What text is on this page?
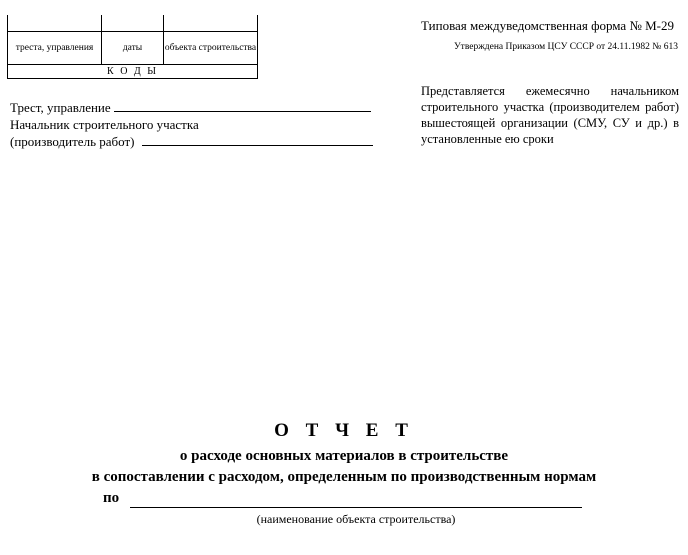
треста, управления	даты	объекта строительства
К О Д Ы		
Типовая междуведомственная форма № М-29
Утверждена Приказом ЦСУ СССР от 24.11.1982 № 613
Представляется ежемесячно начальником строительного участка (производителем работ) вышестоящей организации (СМУ, СУ и др.) в установленные ею сроки
Трест, управление
Начальник строительного участка
(производитель работ)
О Т Ч Е Т
о расходе основных материалов в строительстве
в сопоставлении с расходом, определенным по производственным нормам
по
(наименование объекта строительства)
